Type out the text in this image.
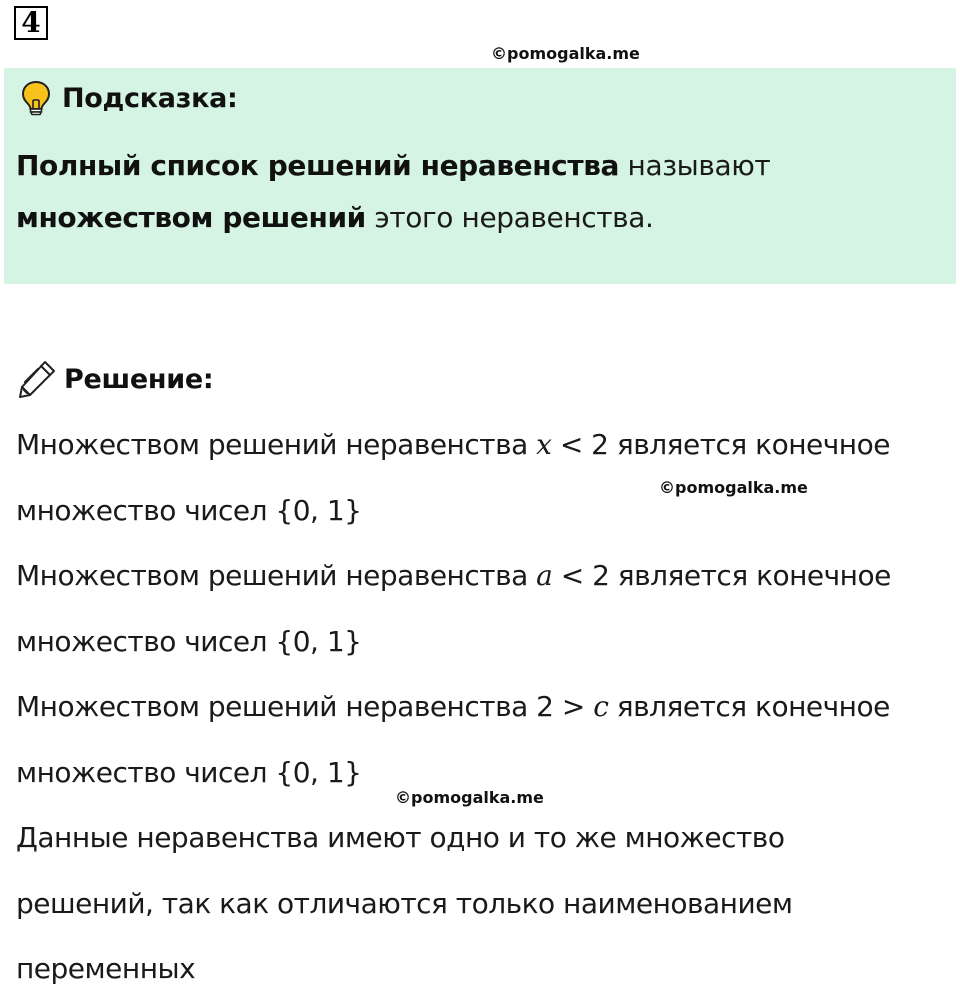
4
©pomogalka.me
Подсказка:
Полный список решений неравенства называют
множеством решений этого неравенства.
Решение:

Множеством решений неравенства x < 2 является конечное

множество чисел {0, 1}

Множеством решений неравенства a < 2 является конечное

множество чисел {0, 1}

Множеством решений неравенства 2 > c является конечное

множество чисел {0, 1}

Данные неравенства имеют одно и то же множество

решений, так как отличаются только наименованием

переменных

©pomogalka.me
©pomogalka.me
